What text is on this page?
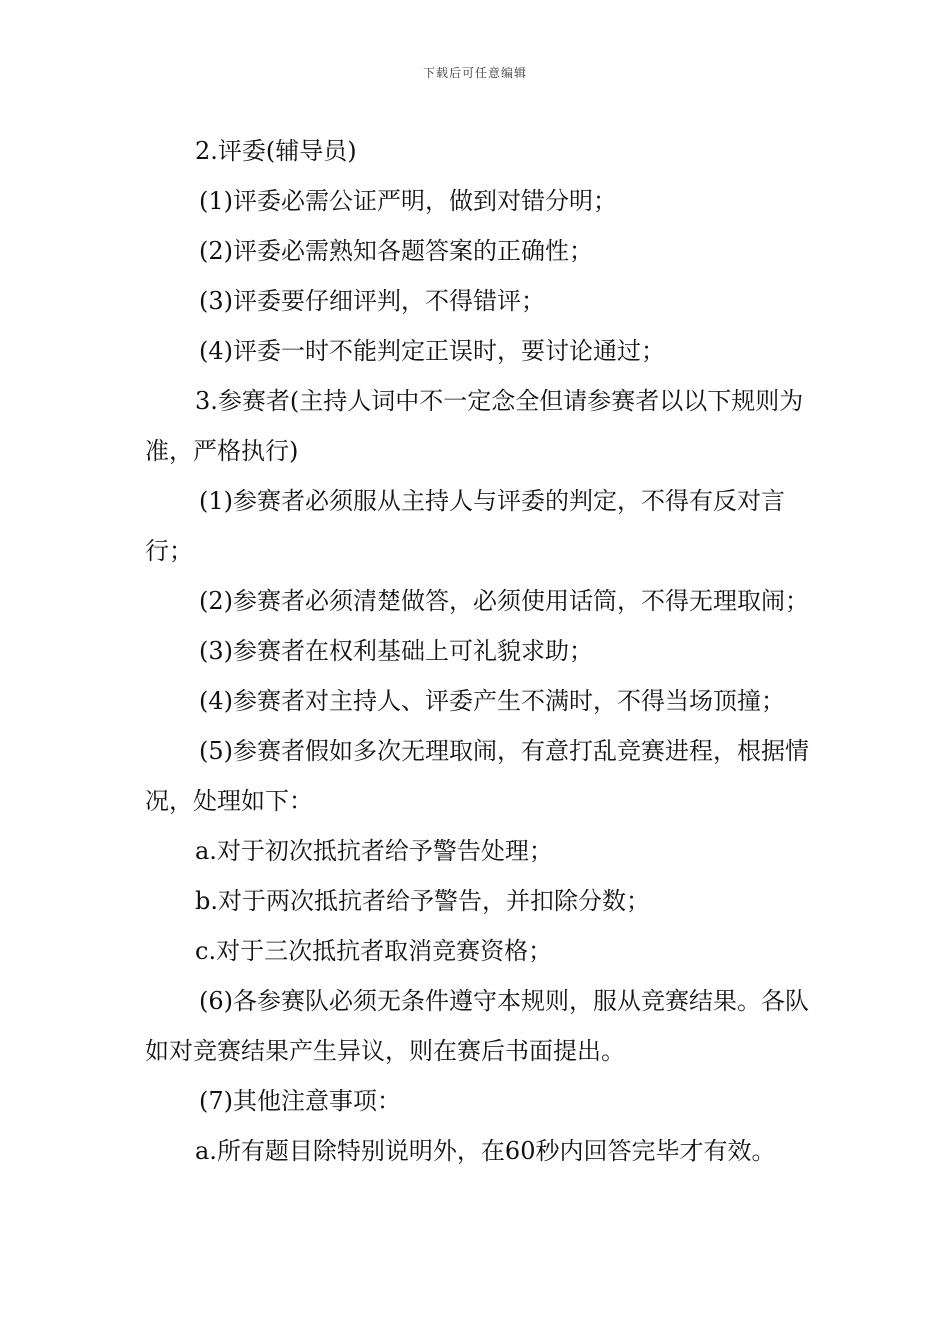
下载后可任意编辑

2.评委(辅导员)

(1)评委必需公证严明，做到对错分明；

(2)评委必需熟知各题答案的正确性；

(3)评委要仔细评判，不得错评；

(4)评委一时不能判定正误时，要讨论通过；

3.参赛者(主持人词中不一定念全但请参赛者以以下规则为准，严格执行)

(1)参赛者必须服从主持人与评委的判定，不得有反对言行；

(2)参赛者必须清楚做答，必须使用话筒，不得无理取闹；

(3)参赛者在权利基础上可礼貌求助；

(4)参赛者对主持人、评委产生不满时，不得当场顶撞；

(5)参赛者假如多次无理取闹，有意打乱竞赛进程，根据情况，处理如下：

a.对于初次抵抗者给予警告处理；

b.对于两次抵抗者给予警告，并扣除分数；

c.对于三次抵抗者取消竞赛资格；

(6)各参赛队必须无条件遵守本规则，服从竞赛结果。各队如对竞赛结果产生异议，则在赛后书面提出。

(7)其他注意事项：

a.所有题目除特别说明外，在60秒内回答完毕才有效。
